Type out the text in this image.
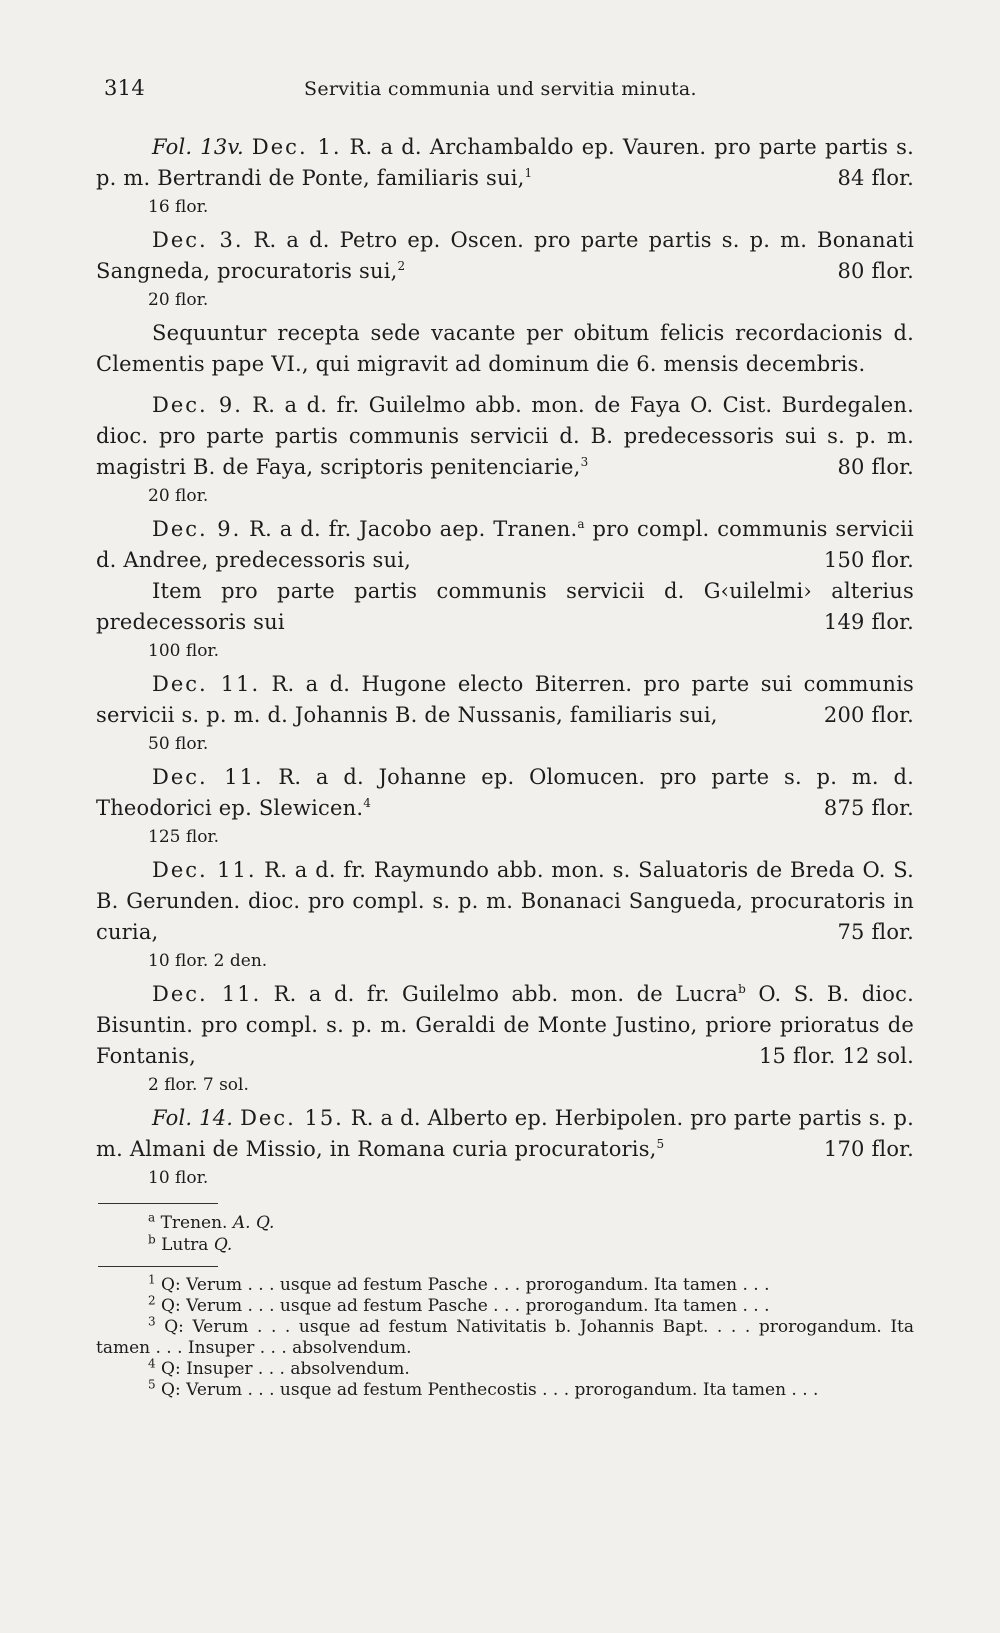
314	Servitia communia und servitia minuta.

Fol. 13v. Dec. 1. R. a d. Archambaldo ep. Vauren. pro parte partis s. p. m. Bertrandi de Ponte, familiaris sui,$^1$	84 flor.

16 flor.

Dec. 3. R. a d. Petro ep. Oscen. pro parte partis s. p. m. Bonanati Sangneda, procuratoris sui,$^2$	80 flor.

20 flor.

Sequuntur recepta sede vacante per obitum felicis recordacionis d. Clementis pape VI., qui migravit ad dominum die 6. mensis decembris.

Dec. 9. R. a d. fr. Guilelmo abb. mon. de Faya O. Cist. Burdegalen. dioc. pro parte partis communis servicii d. B. predecessoris sui s. p. m. magistri B. de Faya, scriptoris penitenciarie,$^3$	80 flor.

20 flor.

Dec. 9. R. a d. fr. Jacobo aep. Tranen.$^a$ pro compl. communis servicii d. Andree, predecessoris sui,	150 flor.

Item pro parte partis communis servicii d. G‹uilelmi› alterius predecessoris sui	149 flor.

100 flor.

Dec. 11. R. a d. Hugone electo Biterren. pro parte sui communis servicii s. p. m. d. Johannis B. de Nussanis, familiaris sui,	200 flor.

50 flor.

Dec. 11. R. a d. Johanne ep. Olomucen. pro parte s. p. m. d. Theodorici ep. Slewicen.$^4$	875 flor.

125 flor.

Dec. 11. R. a d. fr. Raymundo abb. mon. s. Saluatoris de Breda O. S. B. Gerunden. dioc. pro compl. s. p. m. Bonanaci Sangueda, procuratoris in curia,	75 flor.

10 flor. 2 den.

Dec. 11. R. a d. fr. Guilelmo abb. mon. de Lucra$^b$ O. S. B. dioc. Bisuntin. pro compl. s. p. m. Geraldi de Monte Justino, priore prioratus de Fontanis,	15 flor. 12 sol.

2 flor. 7 sol.

Fol. 14. Dec. 15. R. a d. Alberto ep. Herbipolen. pro parte partis s. p. m. Almani de Missio, in Romana curia procuratoris,$^5$	170 flor.

10 flor.
$^a$ Trenen. A. Q.
$^b$ Lutra Q.

$^1$ Q: Verum . . . usque ad festum Pasche . . . prorogandum. Ita tamen . . .

$^2$ Q: Verum . . . usque ad festum Pasche . . . prorogandum. Ita tamen . . .

$^3$ Q: Verum . . . usque ad festum Nativitatis b. Johannis Bapt. . . . prorogandum. Ita tamen . . . Insuper . . . absolvendum.

$^4$ Q: Insuper . . . absolvendum.

$^5$ Q: Verum . . . usque ad festum Penthecostis . . . prorogandum. Ita tamen . . .
